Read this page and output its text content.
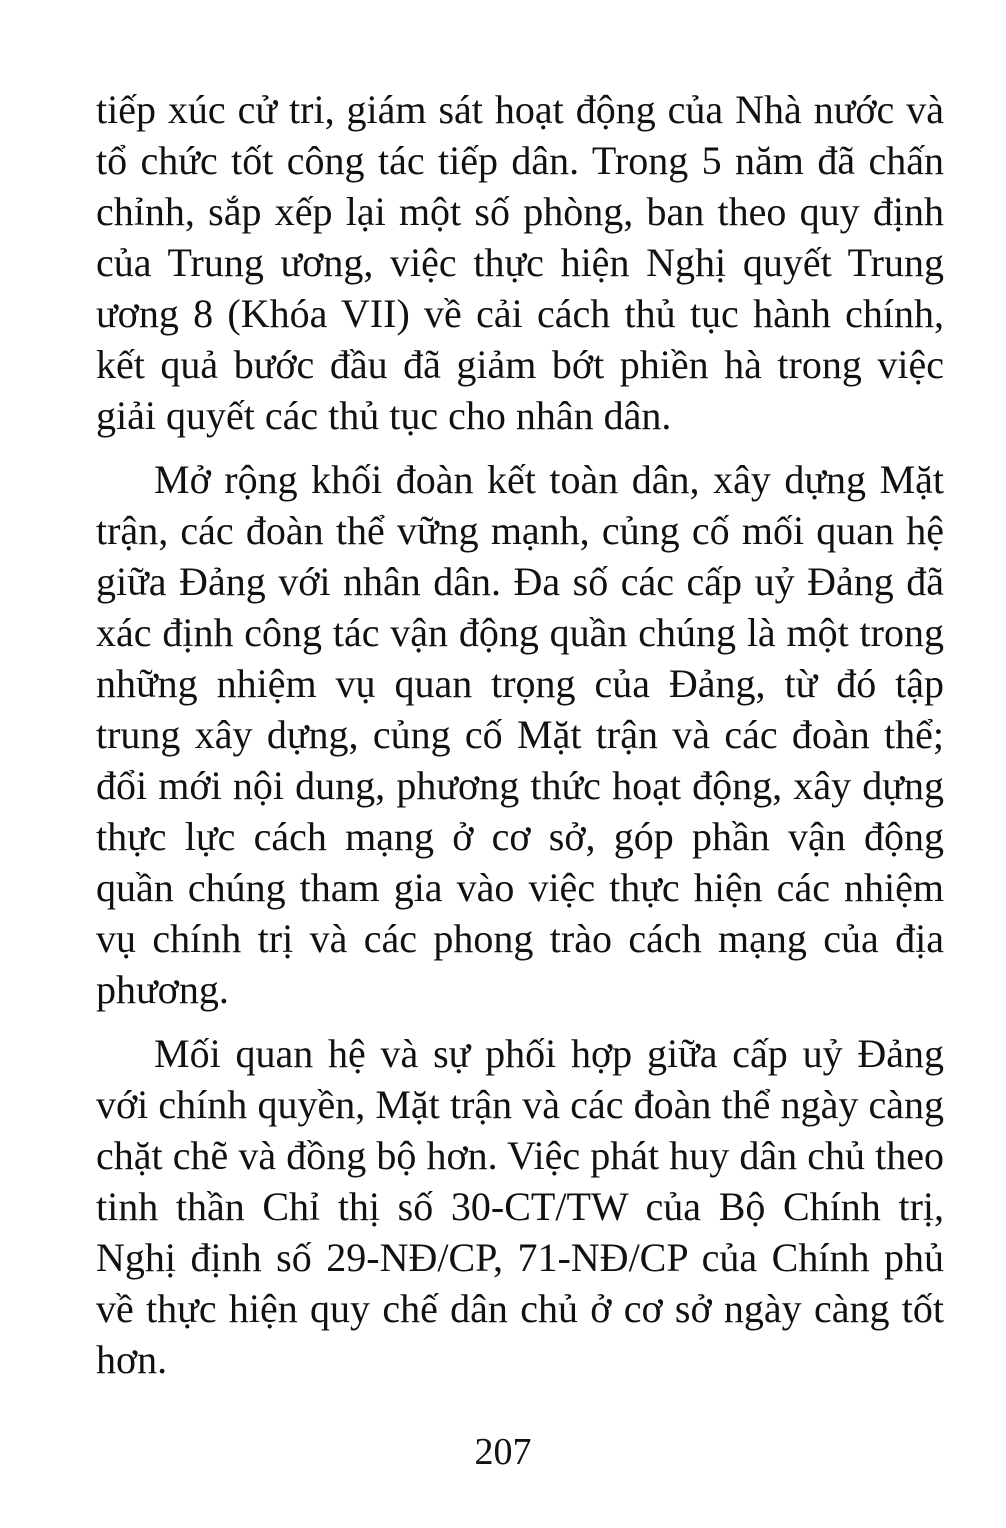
tiếp xúc cử tri, giám sát hoạt động của Nhà nước và tổ chức tốt công tác tiếp dân. Trong 5 năm đã chấn chỉnh, sắp xếp lại một số phòng, ban theo quy định của Trung ương, việc thực hiện Nghị quyết Trung ương 8 (Khóa VII) về cải cách thủ tục hành chính, kết quả bước đầu đã giảm bớt phiền hà trong việc giải quyết các thủ tục cho nhân dân.

Mở rộng khối đoàn kết toàn dân, xây dựng Mặt trận, các đoàn thể vững mạnh, củng cố mối quan hệ giữa Đảng với nhân dân. Đa số các cấp uỷ Đảng đã xác định công tác vận động quần chúng là một trong những nhiệm vụ quan trọng của Đảng, từ đó tập trung xây dựng, củng cố Mặt trận và các đoàn thể; đổi mới nội dung, phương thức hoạt động, xây dựng thực lực cách mạng ở cơ sở, góp phần vận động quần chúng tham gia vào việc thực hiện các nhiệm vụ chính trị và các phong trào cách mạng của địa phương.

Mối quan hệ và sự phối hợp giữa cấp uỷ Đảng với chính quyền, Mặt trận và các đoàn thể ngày càng chặt chẽ và đồng bộ hơn. Việc phát huy dân chủ theo tinh thần Chỉ thị số 30-CT/TW của Bộ Chính trị, Nghị định số 29-NĐ/CP, 71-NĐ/CP của Chính phủ về thực hiện quy chế dân chủ ở cơ sở ngày càng tốt hơn.

207
